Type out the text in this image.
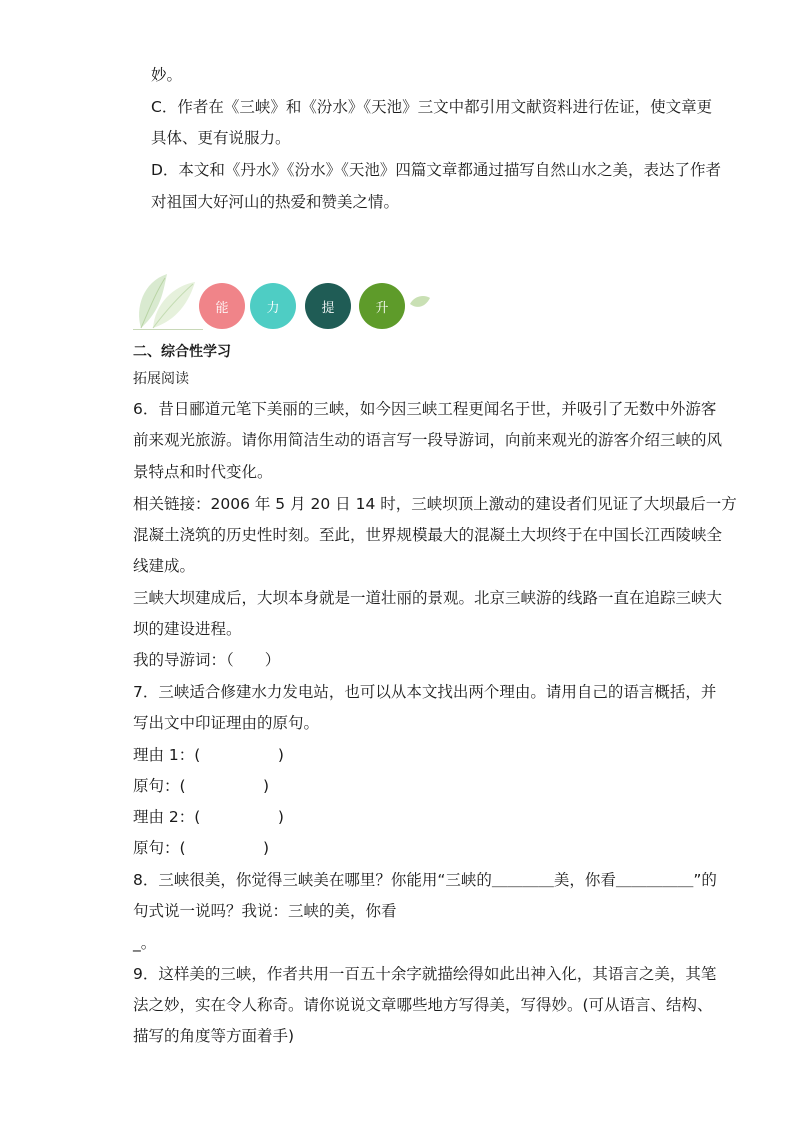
妙。
C．作者在《三峡》和《汾水》《天池》三文中都引用文献资料进行佐证，使文章更
具体、更有说服力。
D．本文和《丹水》《汾水》《天池》四篇文章都通过描写自然山水之美，表达了作者
对祖国大好河山的热爱和赞美之情。
能	力	提	升
二、综合性学习
拓展阅读
6．昔日郦道元笔下美丽的三峡，如今因三峡工程更闻名于世，并吸引了无数中外游客
前来观光旅游。请你用简洁生动的语言写一段导游词，向前来观光的游客介绍三峡的风
景特点和时代变化。
相关链接：2006 年 5 月 20 日 14 时，三峡坝顶上激动的建设者们见证了大坝最后一方
混凝土浇筑的历史性时刻。至此，世界规模最大的混凝土大坝终于在中国长江西陵峡全
线建成。
三峡大坝建成后，大坝本身就是一道壮丽的景观。北京三峡游的线路一直在追踪三峡大
坝的建设进程。
我的导游词：（　　）
7．三峡适合修建水力发电站，也可以从本文找出两个理由。请用自己的语言概括，并
写出文中印证理由的原句。
理由 1：(　　　　　)
原句：(　　　　　)
理由 2：(　　　　　)
原句：(　　　　　)
8．三峡很美，你觉得三峡美在哪里？你能用“三峡的＿＿＿＿美，你看＿＿＿＿＿”的
句式说一说吗？我说：三峡的美，你看
_。
9．这样美的三峡，作者共用一百五十余字就描绘得如此出神入化，其语言之美，其笔
法之妙，实在令人称奇。请你说说文章哪些地方写得美，写得妙。(可从语言、结构、
描写的角度等方面着手)
